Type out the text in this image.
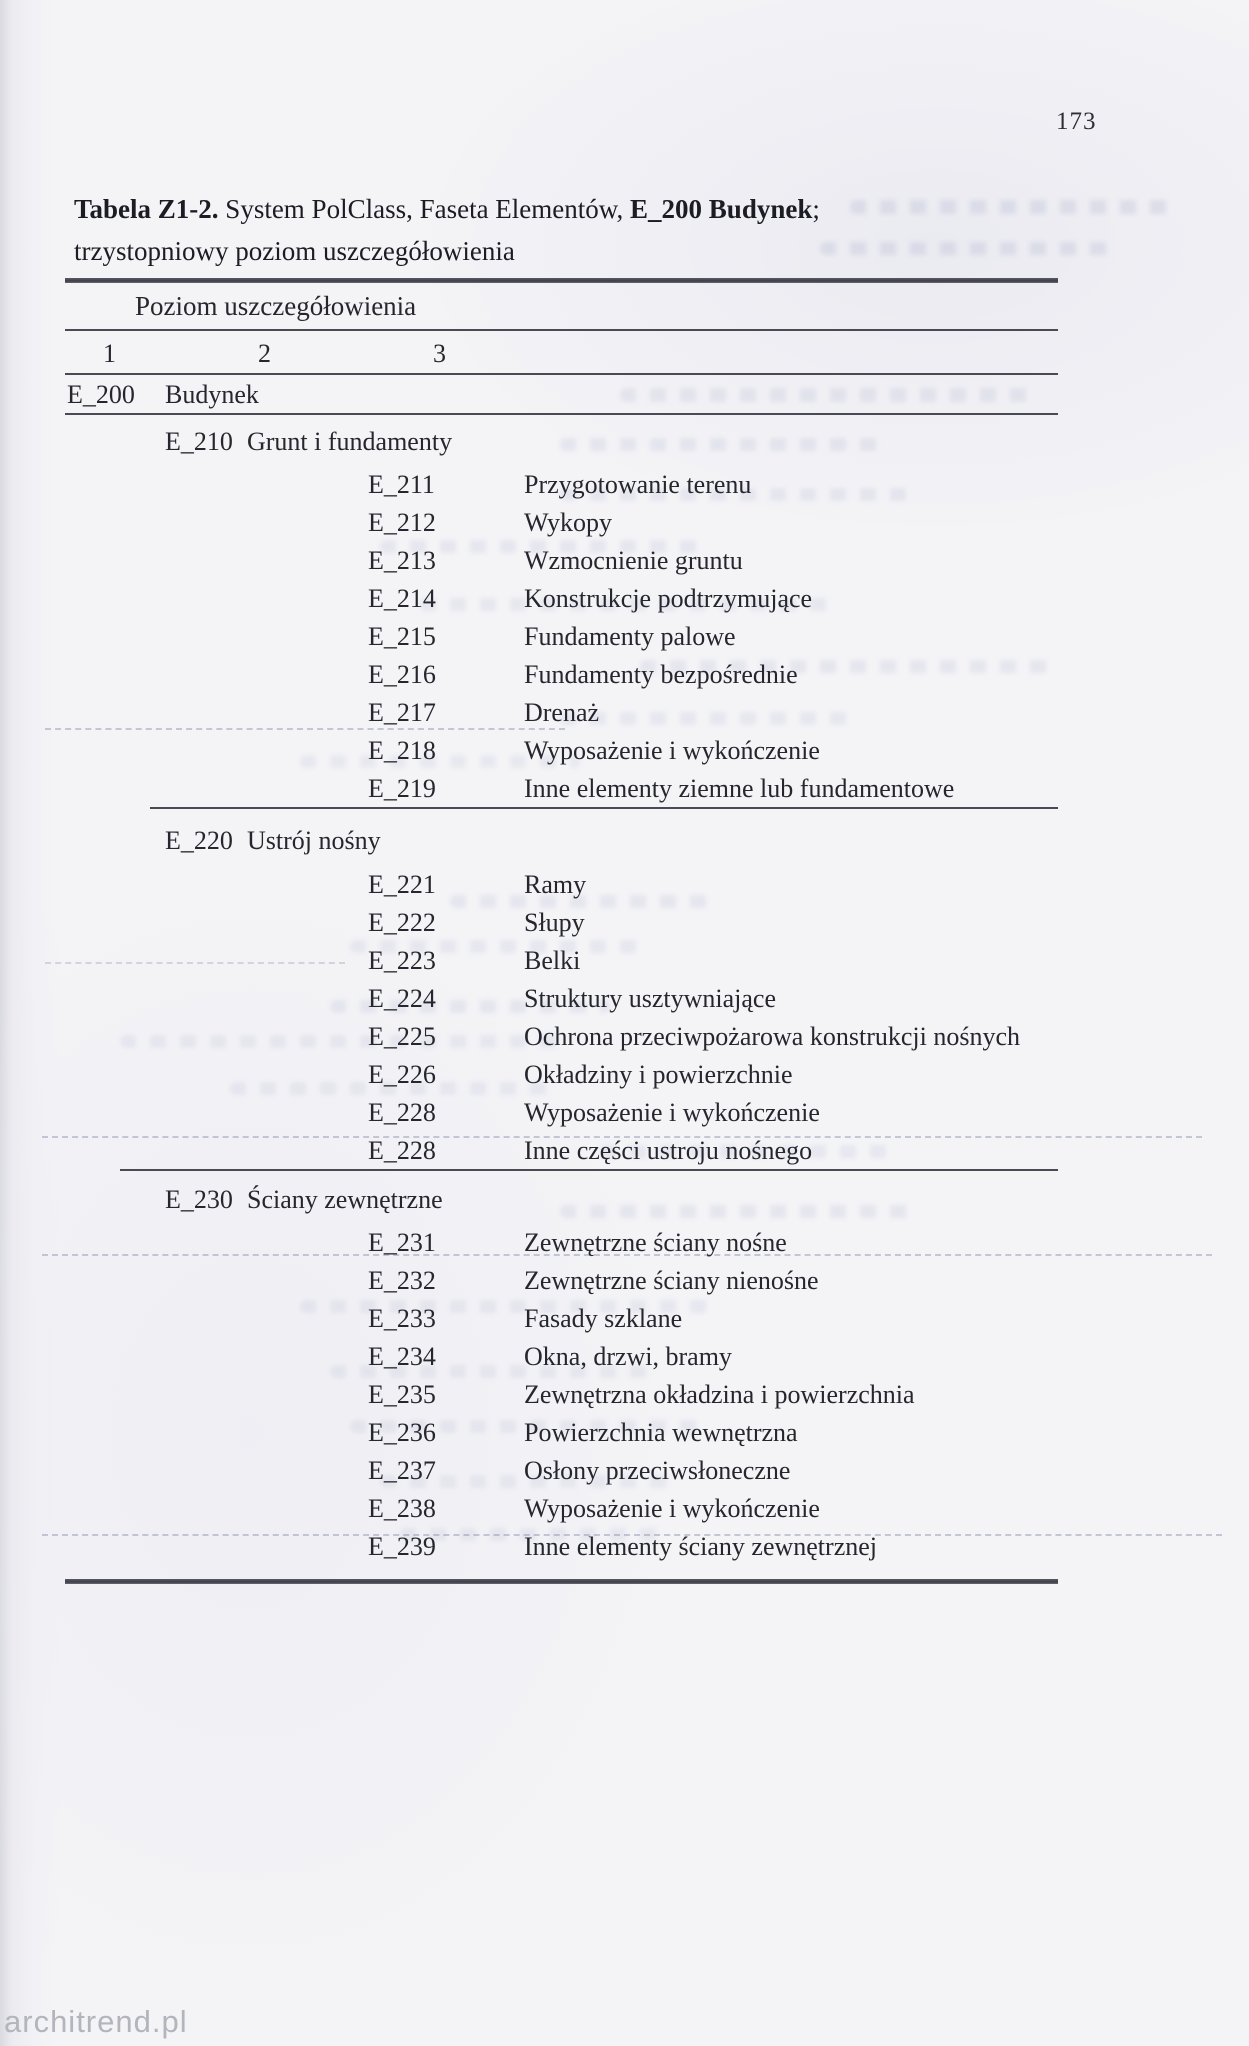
173
Tabela Z1-2. System PolClass, Faseta Elementów, E_200 Budynek;
trzystopniowy poziom uszczegółowienia
Poziom uszczegółowienia
1	2	3
E_200 Budynek
E_210 Grunt i fundamenty
E_211	Przygotowanie terenu
E_212	Wykopy
E_213	Wzmocnienie gruntu
E_214	Konstrukcje podtrzymujące
E_215	Fundamenty palowe
E_216	Fundamenty bezpośrednie
E_217	Drenaż
E_218	Wyposażenie i wykończenie
E_219	Inne elementy ziemne lub fundamentowe
E_220 Ustrój nośny
E_221	Ramy
E_222	Słupy
E_223	Belki
E_224	Struktury usztywniające
E_225	Ochrona przeciwpożarowa konstrukcji nośnych
E_226	Okładziny i powierzchnie
E_228	Wyposażenie i wykończenie
E_228	Inne części ustroju nośnego
E_230 Ściany zewnętrzne
E_231	Zewnętrzne ściany nośne
E_232	Zewnętrzne ściany nienośne
E_233	Fasady szklane
E_234	Okna, drzwi, bramy
E_235	Zewnętrzna okładzina i powierzchnia
E_236	Powierzchnia wewnętrzna
E_237	Osłony przeciwsłoneczne
E_238	Wyposażenie i wykończenie
E_239	Inne elementy ściany zewnętrznej
architrend.pl
